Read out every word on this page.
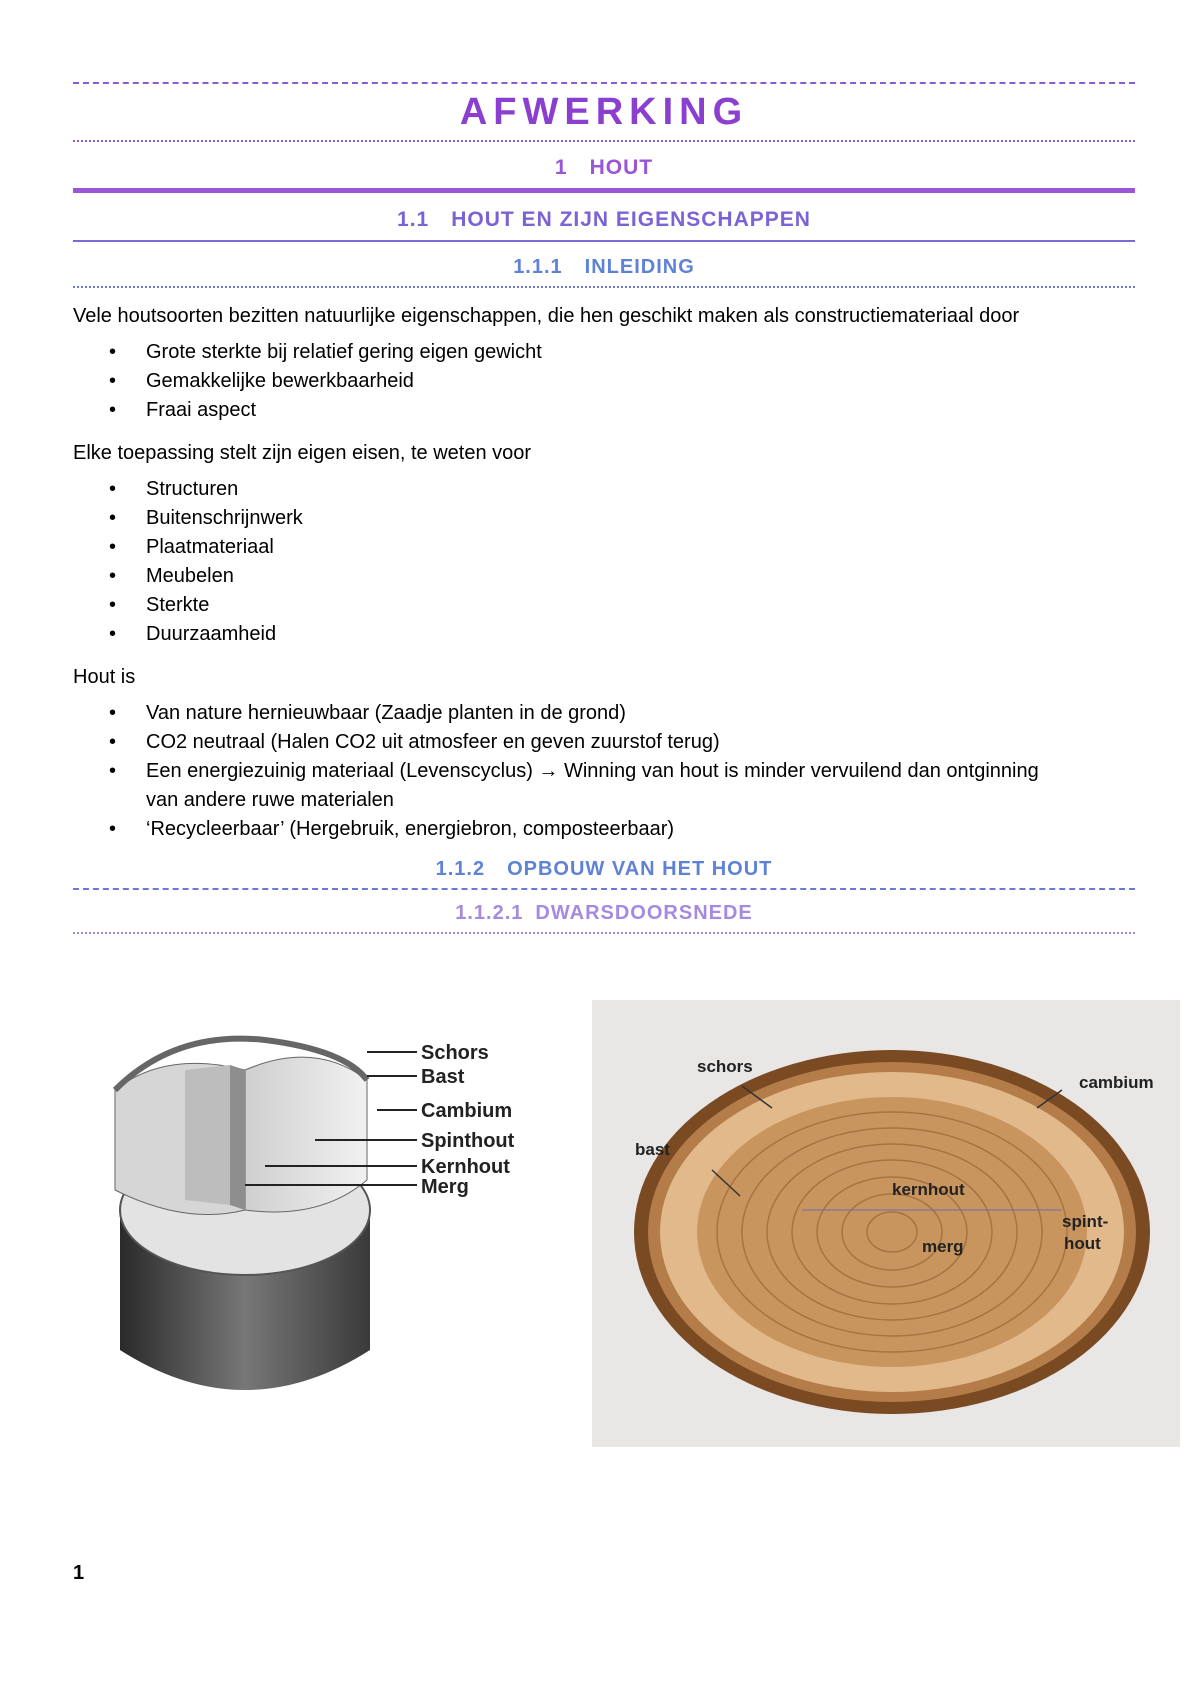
AFWERKING
1 HOUT
1.1 HOUT EN ZIJN EIGENSCHAPPEN
1.1.1 INLEIDING

Vele houtsoorten bezitten natuurlijke eigenschappen, die hen geschikt maken als constructiemateriaal door

• Grote sterkte bij relatief gering eigen gewicht
• Gemakkelijke bewerkbaarheid
• Fraai aspect

Elke toepassing stelt zijn eigen eisen, te weten voor

• Structuren
• Buitenschrijnwerk
• Plaatmateriaal
• Meubelen
• Sterkte
• Duurzaamheid

Hout is

• Van nature hernieuwbaar (Zaadje planten in de grond)
• CO2 neutraal (Halen CO2 uit atmosfeer en geven zuurstof terug)
• Een energiezuinig materiaal (Levenscyclus) → Winning van hout is minder vervuilend dan ontginning van andere ruwe materialen
• ‘Recycleerbaar’ (Hergebruik, energiebron, composteerbaar)
1.1.2 OPBOUW VAN HET HOUT
1.1.2.1 DWARSDOORSNEDE
Schors
Bast
Cambium
Spinthout
Kernhout
Merg
schors
cambium
bast
kernhout
merg
spint-
hout
1
